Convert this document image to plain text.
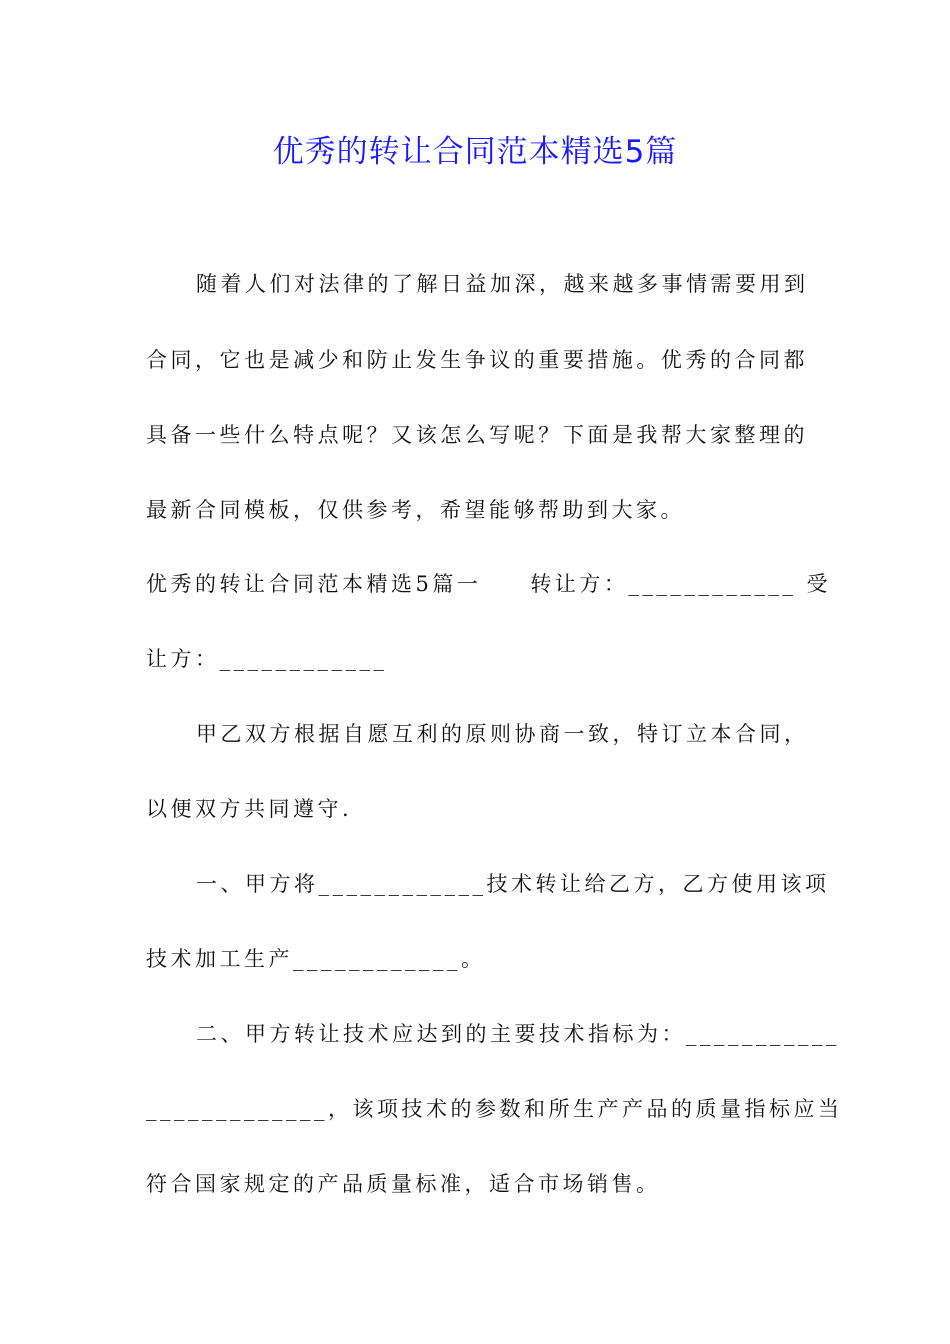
优秀的转让合同范本精选5篇

随着人们对法律的了解日益加深，越来越多事情需要用到

合同，它也是减少和防止发生争议的重要措施。优秀的合同都

具备一些什么特点呢？又该怎么写呢？下面是我帮大家整理的

最新合同模板，仅供参考，希望能够帮助到大家。

优秀的转让合同范本精选5篇一　　转让方：____________ 受

让方：____________

甲乙双方根据自愿互利的原则协商一致，特订立本合同，

以便双方共同遵守.

一、甲方将____________技术转让给乙方，乙方使用该项

技术加工生产____________。

二、甲方转让技术应达到的主要技术指标为：___________

_____________，该项技术的参数和所生产产品的质量指标应当

符合国家规定的产品质量标准，适合市场销售。
